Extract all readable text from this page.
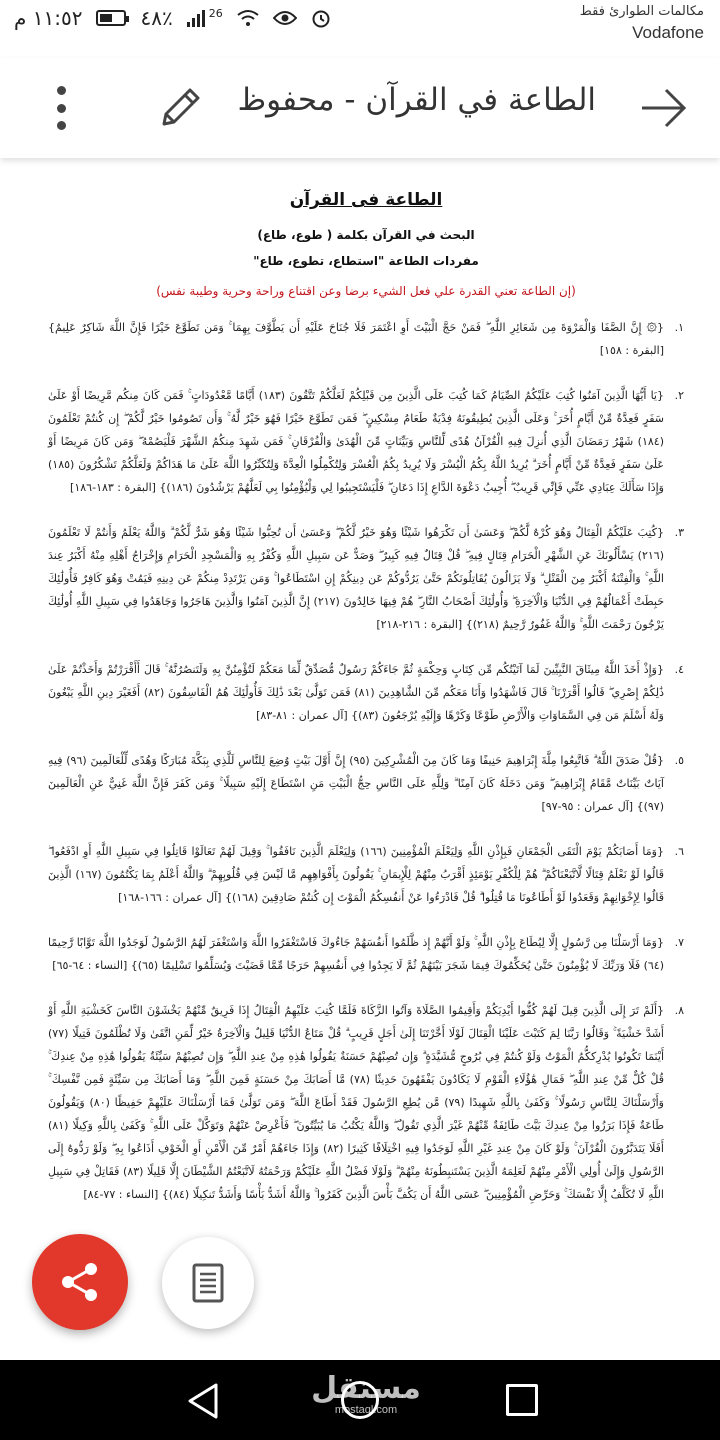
١١:٥٢ م	٤٨٪	26	مكالمات الطوارئ فقط
Vodafone
الطاعة في القرآن - محفوظ
الطاعة فى القرآن
البحث في القرآن بكلمة ( طوع، طاع)
مفردات الطاعة "استطاع، تطوع، طاع"
(إن الطاعة تعني القدرة علي فعل الشيء برضا وعن اقتناع وراحة وحرية وطيبة نفس)
١.
{۞ إِنَّ الصَّفَا وَالْمَرْوَةَ مِن شَعَائِرِ اللَّهِ ۖ فَمَنْ حَجَّ الْبَيْتَ أَوِ اعْتَمَرَ فَلَا جُنَاحَ عَلَيْهِ أَن يَطَّوَّفَ بِهِمَا ۚ وَمَن تَطَوَّعَ خَيْرًا فَإِنَّ اللَّهَ شَاكِرٌ عَلِيمٌ} [البقرة : ١٥٨]
٢.
{يَا أَيُّهَا الَّذِينَ آمَنُوا كُتِبَ عَلَيْكُمُ الصِّيَامُ كَمَا كُتِبَ عَلَى الَّذِينَ مِن قَبْلِكُمْ لَعَلَّكُمْ تَتَّقُونَ (١٨٣) أَيَّامًا مَّعْدُودَاتٍ ۚ فَمَن كَانَ مِنكُم مَّرِيضًا أَوْ عَلَىٰ سَفَرٍ فَعِدَّةٌ مِّنْ أَيَّامٍ أُخَرَ ۚ وَعَلَى الَّذِينَ يُطِيقُونَهُ فِدْيَةٌ طَعَامُ مِسْكِينٍ ۖ فَمَن تَطَوَّعَ خَيْرًا فَهُوَ خَيْرٌ لَّهُ ۚ وَأَن تَصُومُوا خَيْرٌ لَّكُمْ ۖ إِن كُنتُمْ تَعْلَمُونَ (١٨٤) شَهْرُ رَمَضَانَ الَّذِي أُنزِلَ فِيهِ الْقُرْآنُ هُدًى لِّلنَّاسِ وَبَيِّنَاتٍ مِّنَ الْهُدَىٰ وَالْفُرْقَانِ ۚ فَمَن شَهِدَ مِنكُمُ الشَّهْرَ فَلْيَصُمْهُ ۖ وَمَن كَانَ مَرِيضًا أَوْ عَلَىٰ سَفَرٍ فَعِدَّةٌ مِّنْ أَيَّامٍ أُخَرَ ۗ يُرِيدُ اللَّهُ بِكُمُ الْيُسْرَ وَلَا يُرِيدُ بِكُمُ الْعُسْرَ وَلِتُكْمِلُوا الْعِدَّةَ وَلِتُكَبِّرُوا اللَّهَ عَلَىٰ مَا هَدَاكُمْ وَلَعَلَّكُمْ تَشْكُرُونَ (١٨٥) وَإِذَا سَأَلَكَ عِبَادِي عَنِّي فَإِنِّي قَرِيبٌ ۖ أُجِيبُ دَعْوَةَ الدَّاعِ إِذَا دَعَانِ ۖ فَلْيَسْتَجِيبُوا لِي وَلْيُؤْمِنُوا بِي لَعَلَّهُمْ يَرْشُدُونَ (١٨٦)} [البقرة : ١٨٣-١٨٦]
٣.
{كُتِبَ عَلَيْكُمُ الْقِتَالُ وَهُوَ كُرْهٌ لَّكُمْ ۖ وَعَسَىٰ أَن تَكْرَهُوا شَيْئًا وَهُوَ خَيْرٌ لَّكُمْ ۖ وَعَسَىٰ أَن تُحِبُّوا شَيْئًا وَهُوَ شَرٌّ لَّكُمْ ۗ وَاللَّهُ يَعْلَمُ وَأَنتُمْ لَا تَعْلَمُونَ (٢١٦) يَسْأَلُونَكَ عَنِ الشَّهْرِ الْحَرَامِ قِتَالٍ فِيهِ ۖ قُلْ قِتَالٌ فِيهِ كَبِيرٌ ۖ وَصَدٌّ عَن سَبِيلِ اللَّهِ وَكُفْرٌ بِهِ وَالْمَسْجِدِ الْحَرَامِ وَإِخْرَاجُ أَهْلِهِ مِنْهُ أَكْبَرُ عِندَ اللَّهِ ۚ وَالْفِتْنَةُ أَكْبَرُ مِنَ الْقَتْلِ ۗ وَلَا يَزَالُونَ يُقَاتِلُونَكُمْ حَتَّىٰ يَرُدُّوكُمْ عَن دِينِكُمْ إِنِ اسْتَطَاعُوا ۚ وَمَن يَرْتَدِدْ مِنكُمْ عَن دِينِهِ فَيَمُتْ وَهُوَ كَافِرٌ فَأُولَٰئِكَ حَبِطَتْ أَعْمَالُهُمْ فِي الدُّنْيَا وَالْآخِرَةِ ۖ وَأُولَٰئِكَ أَصْحَابُ النَّارِ ۖ هُمْ فِيهَا خَالِدُونَ (٢١٧) إِنَّ الَّذِينَ آمَنُوا وَالَّذِينَ هَاجَرُوا وَجَاهَدُوا فِي سَبِيلِ اللَّهِ أُولَٰئِكَ يَرْجُونَ رَحْمَتَ اللَّهِ ۚ وَاللَّهُ غَفُورٌ رَّحِيمٌ (٢١٨)} [البقرة : ٢١٦-٢١٨]
٤.
{وَإِذْ أَخَذَ اللَّهُ مِيثَاقَ النَّبِيِّينَ لَمَا آتَيْتُكُم مِّن كِتَابٍ وَحِكْمَةٍ ثُمَّ جَاءَكُمْ رَسُولٌ مُّصَدِّقٌ لِّمَا مَعَكُمْ لَتُؤْمِنُنَّ بِهِ وَلَتَنصُرُنَّهُ ۚ قَالَ أَأَقْرَرْتُمْ وَأَخَذْتُمْ عَلَىٰ ذَٰلِكُمْ إِصْرِي ۖ قَالُوا أَقْرَرْنَا ۚ قَالَ فَاشْهَدُوا وَأَنَا مَعَكُم مِّنَ الشَّاهِدِينَ (٨١) فَمَن تَوَلَّىٰ بَعْدَ ذَٰلِكَ فَأُولَٰئِكَ هُمُ الْفَاسِقُونَ (٨٢) أَفَغَيْرَ دِينِ اللَّهِ يَبْغُونَ وَلَهُ أَسْلَمَ مَن فِي السَّمَاوَاتِ وَالْأَرْضِ طَوْعًا وَكَرْهًا وَإِلَيْهِ يُرْجَعُونَ (٨٣)} [آل عمران : ٨١-٨٣]
٥.
{قُلْ صَدَقَ اللَّهُ ۗ فَاتَّبِعُوا مِلَّةَ إِبْرَاهِيمَ حَنِيفًا وَمَا كَانَ مِنَ الْمُشْرِكِينَ (٩٥) إِنَّ أَوَّلَ بَيْتٍ وُضِعَ لِلنَّاسِ لَلَّذِي بِبَكَّةَ مُبَارَكًا وَهُدًى لِّلْعَالَمِينَ (٩٦) فِيهِ آيَاتٌ بَيِّنَاتٌ مَّقَامُ إِبْرَاهِيمَ ۖ وَمَن دَخَلَهُ كَانَ آمِنًا ۗ وَلِلَّهِ عَلَى النَّاسِ حِجُّ الْبَيْتِ مَنِ اسْتَطَاعَ إِلَيْهِ سَبِيلًا ۚ وَمَن كَفَرَ فَإِنَّ اللَّهَ غَنِيٌّ عَنِ الْعَالَمِينَ (٩٧)} [آل عمران : ٩٥-٩٧]
٦.
{وَمَا أَصَابَكُمْ يَوْمَ الْتَقَى الْجَمْعَانِ فَبِإِذْنِ اللَّهِ وَلِيَعْلَمَ الْمُؤْمِنِينَ (١٦٦) وَلِيَعْلَمَ الَّذِينَ نَافَقُوا ۚ وَقِيلَ لَهُمْ تَعَالَوْا قَاتِلُوا فِي سَبِيلِ اللَّهِ أَوِ ادْفَعُوا ۖ قَالُوا لَوْ نَعْلَمُ قِتَالًا لَّاتَّبَعْنَاكُمْ ۗ هُمْ لِلْكُفْرِ يَوْمَئِذٍ أَقْرَبُ مِنْهُمْ لِلْإِيمَانِ ۚ يَقُولُونَ بِأَفْوَاهِهِم مَّا لَيْسَ فِي قُلُوبِهِمْ ۗ وَاللَّهُ أَعْلَمُ بِمَا يَكْتُمُونَ (١٦٧) الَّذِينَ قَالُوا لِإِخْوَانِهِمْ وَقَعَدُوا لَوْ أَطَاعُونَا مَا قُتِلُوا ۗ قُلْ فَادْرَءُوا عَنْ أَنفُسِكُمُ الْمَوْتَ إِن كُنتُمْ صَادِقِينَ (١٦٨)} [آل عمران : ١٦٦-١٦٨]
٧.
{وَمَا أَرْسَلْنَا مِن رَّسُولٍ إِلَّا لِيُطَاعَ بِإِذْنِ اللَّهِ ۚ وَلَوْ أَنَّهُمْ إِذ ظَّلَمُوا أَنفُسَهُمْ جَاءُوكَ فَاسْتَغْفَرُوا اللَّهَ وَاسْتَغْفَرَ لَهُمُ الرَّسُولُ لَوَجَدُوا اللَّهَ تَوَّابًا رَّحِيمًا (٦٤) فَلَا وَرَبِّكَ لَا يُؤْمِنُونَ حَتَّىٰ يُحَكِّمُوكَ فِيمَا شَجَرَ بَيْنَهُمْ ثُمَّ لَا يَجِدُوا فِي أَنفُسِهِمْ حَرَجًا مِّمَّا قَضَيْتَ وَيُسَلِّمُوا تَسْلِيمًا (٦٥)} [النساء : ٦٤-٦٥]
٨.
{أَلَمْ تَرَ إِلَى الَّذِينَ قِيلَ لَهُمْ كُفُّوا أَيْدِيَكُمْ وَأَقِيمُوا الصَّلَاةَ وَآتُوا الزَّكَاةَ فَلَمَّا كُتِبَ عَلَيْهِمُ الْقِتَالُ إِذَا فَرِيقٌ مِّنْهُمْ يَخْشَوْنَ النَّاسَ كَخَشْيَةِ اللَّهِ أَوْ أَشَدَّ خَشْيَةً ۚ وَقَالُوا رَبَّنَا لِمَ كَتَبْتَ عَلَيْنَا الْقِتَالَ لَوْلَا أَخَّرْتَنَا إِلَىٰ أَجَلٍ قَرِيبٍ ۗ قُلْ مَتَاعُ الدُّنْيَا قَلِيلٌ وَالْآخِرَةُ خَيْرٌ لِّمَنِ اتَّقَىٰ وَلَا تُظْلَمُونَ فَتِيلًا (٧٧) أَيْنَمَا تَكُونُوا يُدْرِككُّمُ الْمَوْتُ وَلَوْ كُنتُمْ فِي بُرُوجٍ مُّشَيَّدَةٍ ۗ وَإِن تُصِبْهُمْ حَسَنَةٌ يَقُولُوا هَٰذِهِ مِنْ عِندِ اللَّهِ ۖ وَإِن تُصِبْهُمْ سَيِّئَةٌ يَقُولُوا هَٰذِهِ مِنْ عِندِكَ ۚ قُلْ كُلٌّ مِّنْ عِندِ اللَّهِ ۖ فَمَالِ هَٰؤُلَاءِ الْقَوْمِ لَا يَكَادُونَ يَفْقَهُونَ حَدِيثًا (٧٨) مَّا أَصَابَكَ مِنْ حَسَنَةٍ فَمِنَ اللَّهِ ۖ وَمَا أَصَابَكَ مِن سَيِّئَةٍ فَمِن نَّفْسِكَ ۚ وَأَرْسَلْنَاكَ لِلنَّاسِ رَسُولًا ۚ وَكَفَىٰ بِاللَّهِ شَهِيدًا (٧٩) مَّن يُطِعِ الرَّسُولَ فَقَدْ أَطَاعَ اللَّهَ ۖ وَمَن تَوَلَّىٰ فَمَا أَرْسَلْنَاكَ عَلَيْهِمْ حَفِيظًا (٨٠) وَيَقُولُونَ طَاعَةٌ فَإِذَا بَرَزُوا مِنْ عِندِكَ بَيَّتَ طَائِفَةٌ مِّنْهُمْ غَيْرَ الَّذِي تَقُولُ ۖ وَاللَّهُ يَكْتُبُ مَا يُبَيِّتُونَ ۖ فَأَعْرِضْ عَنْهُمْ وَتَوَكَّلْ عَلَى اللَّهِ ۚ وَكَفَىٰ بِاللَّهِ وَكِيلًا (٨١) أَفَلَا يَتَدَبَّرُونَ الْقُرْآنَ ۚ وَلَوْ كَانَ مِنْ عِندِ غَيْرِ اللَّهِ لَوَجَدُوا فِيهِ اخْتِلَافًا كَثِيرًا (٨٢) وَإِذَا جَاءَهُمْ أَمْرٌ مِّنَ الْأَمْنِ أَوِ الْخَوْفِ أَذَاعُوا بِهِ ۖ وَلَوْ رَدُّوهُ إِلَى الرَّسُولِ وَإِلَىٰ أُولِي الْأَمْرِ مِنْهُمْ لَعَلِمَهُ الَّذِينَ يَسْتَنبِطُونَهُ مِنْهُمْ ۗ وَلَوْلَا فَضْلُ اللَّهِ عَلَيْكُمْ وَرَحْمَتُهُ لَاتَّبَعْتُمُ الشَّيْطَانَ إِلَّا قَلِيلًا (٨٣) فَقَاتِلْ فِي سَبِيلِ اللَّهِ لَا تُكَلَّفُ إِلَّا نَفْسَكَ ۚ وَحَرِّضِ الْمُؤْمِنِينَ ۖ عَسَى اللَّهُ أَن يَكُفَّ بَأْسَ الَّذِينَ كَفَرُوا ۚ وَاللَّهُ أَشَدُّ بَأْسًا وَأَشَدُّ تَنكِيلًا (٨٤)} [النساء : ٧٧-٨٤]
مستقل
mostaql.com
